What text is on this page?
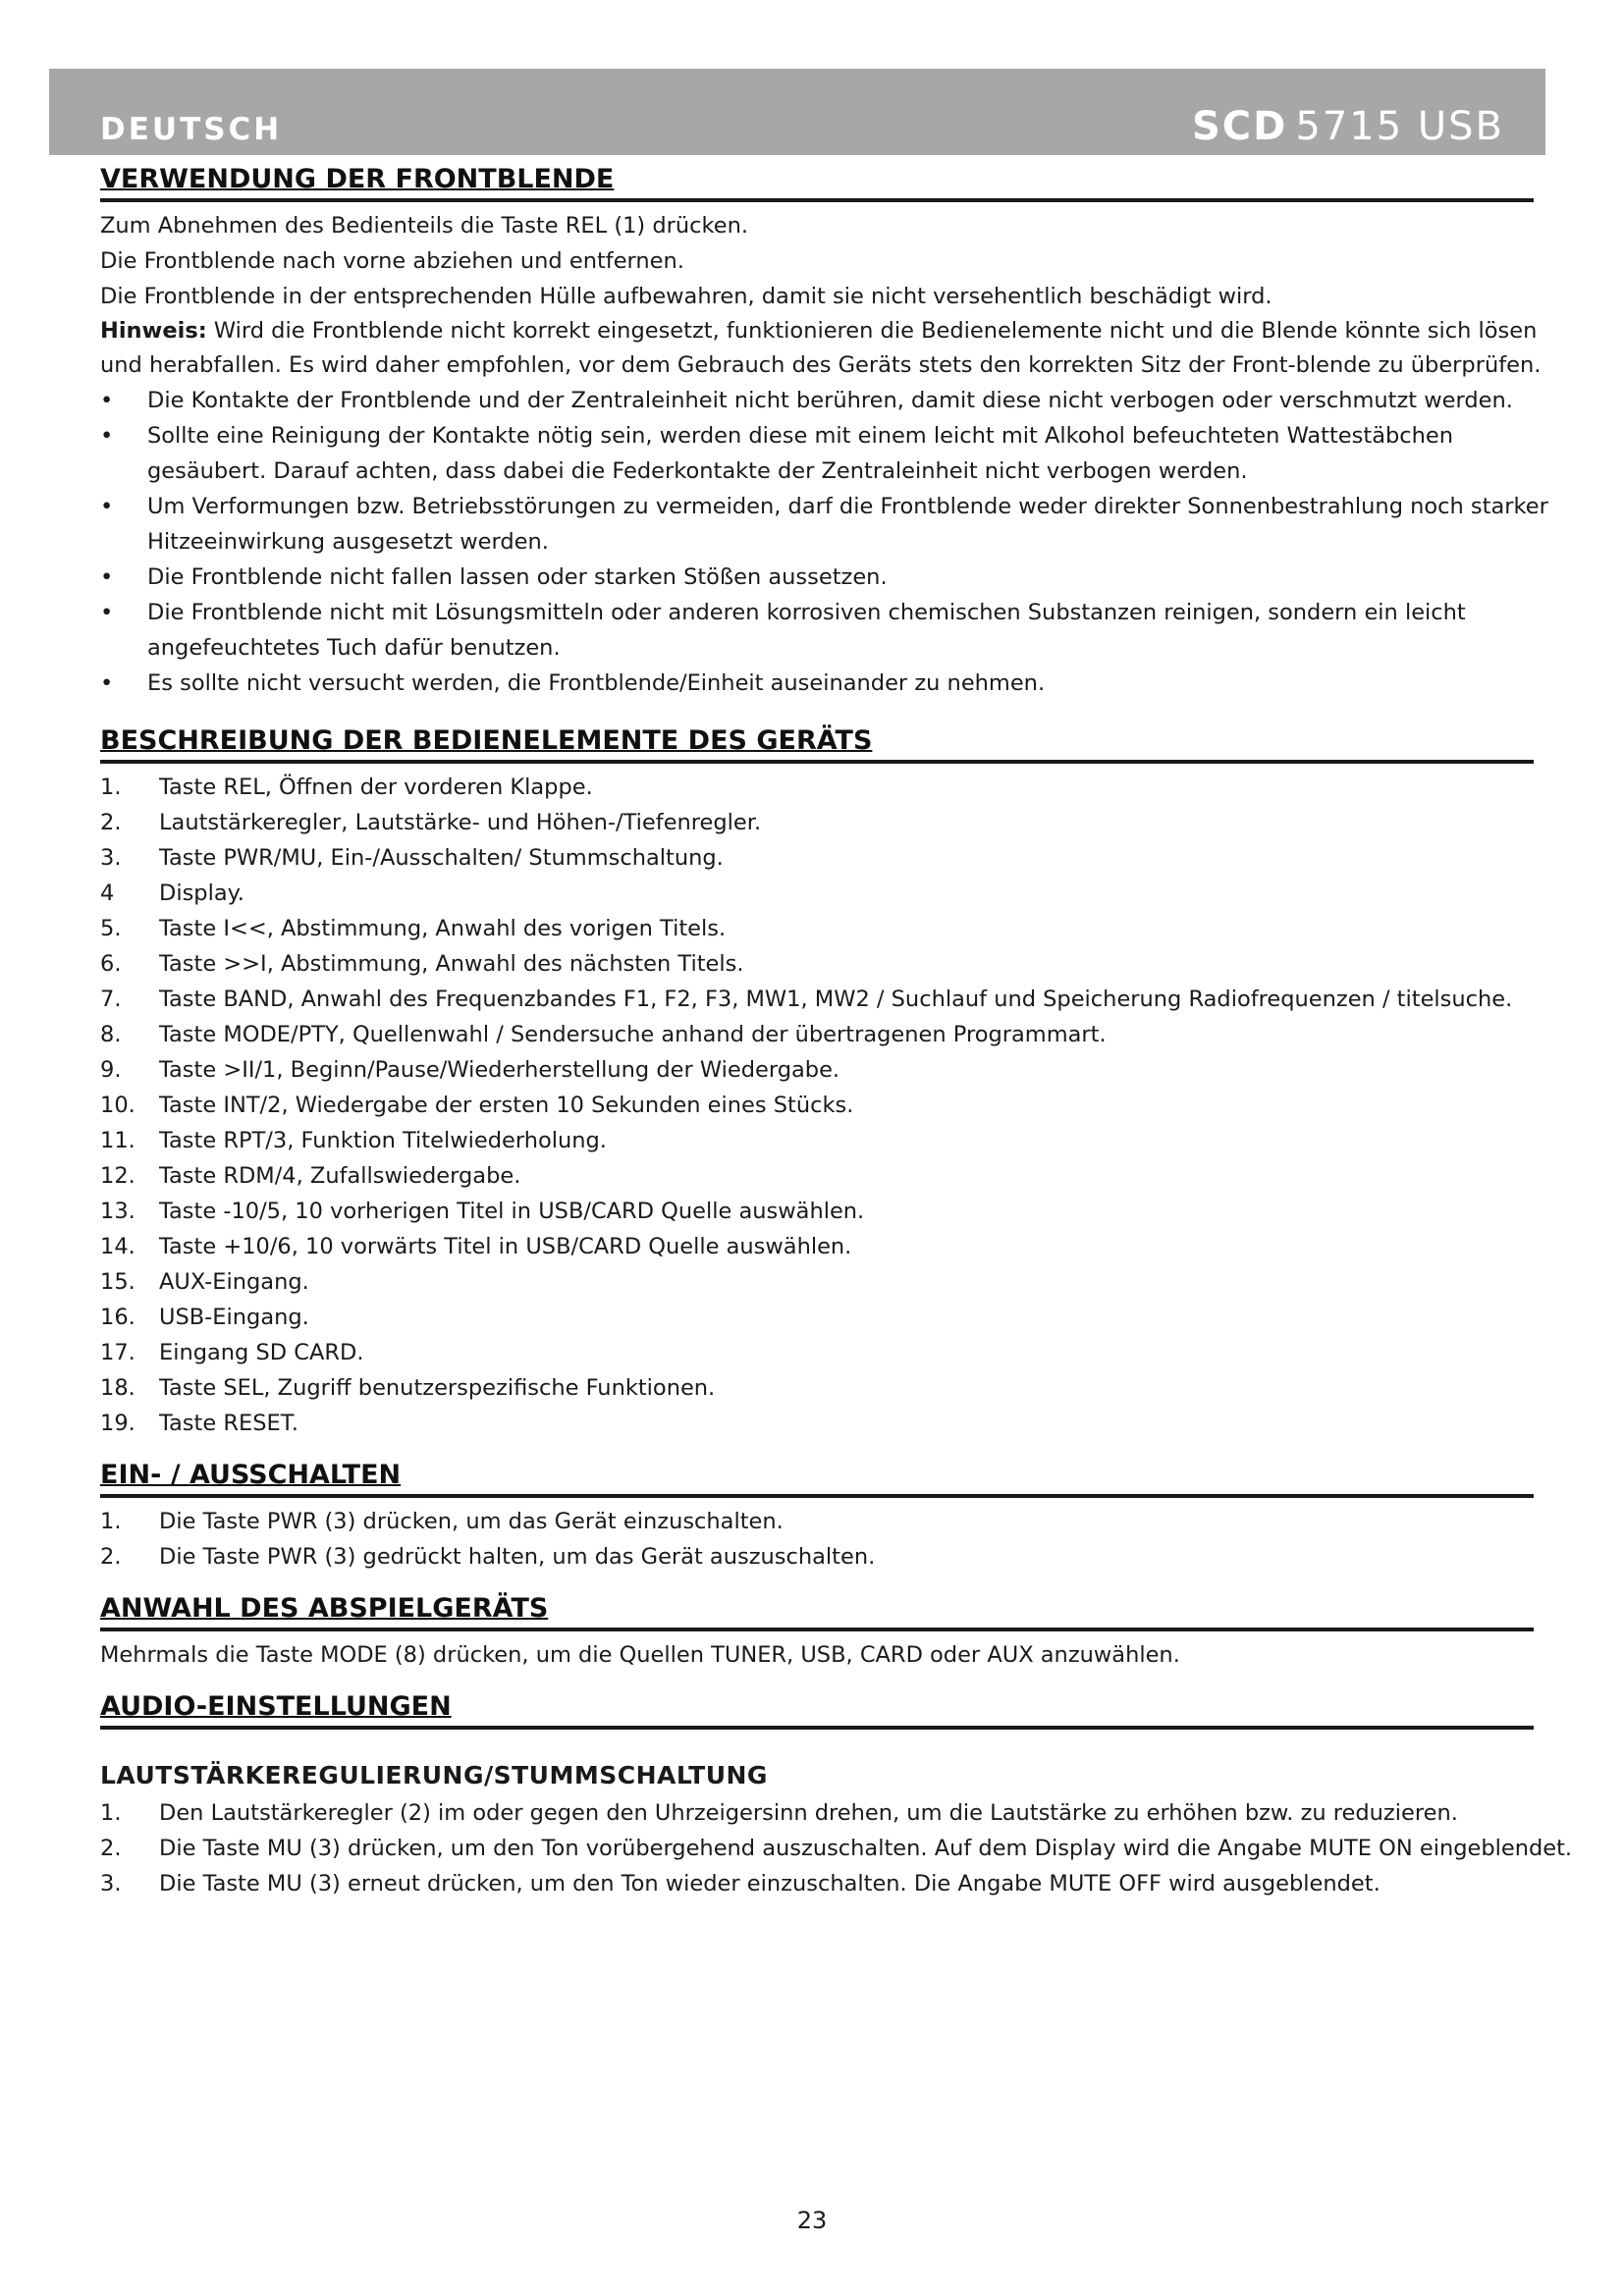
DEUTSCH	SCD 5715 USB
VERWENDUNG DER FRONTBLENDE

Zum Abnehmen des Bedienteils die Taste REL (1) drücken.

Die Frontblende nach vorne abziehen und entfernen.

Die Frontblende in der entsprechenden Hülle aufbewahren, damit sie nicht versehentlich beschädigt wird.

Hinweis: Wird die Frontblende nicht korrekt eingesetzt, funktionieren die Bedienelemente nicht und die Blende könnte sich lösen und herabfallen. Es wird daher empfohlen, vor dem Gebrauch des Geräts stets den korrekten Sitz der Front-blende zu überprüfen.

• Die Kontakte der Frontblende und der Zentraleinheit nicht berühren, damit diese nicht verbogen oder verschmutzt werden.
• Sollte eine Reinigung der Kontakte nötig sein, werden diese mit einem leicht mit Alkohol befeuchteten Wattestäbchen gesäubert. Darauf achten, dass dabei die Federkontakte der Zentraleinheit nicht verbogen werden.
• Um Verformungen bzw. Betriebsstörungen zu vermeiden, darf die Frontblende weder direkter Sonnenbestrahlung noch starker Hitzeeinwirkung ausgesetzt werden.
• Die Frontblende nicht fallen lassen oder starken Stößen aussetzen.
• Die Frontblende nicht mit Lösungsmitteln oder anderen korrosiven chemischen Substanzen reinigen, sondern ein leicht angefeuchtetes Tuch dafür benutzen.
• Es sollte nicht versucht werden, die Frontblende/Einheit auseinander zu nehmen.
BESCHREIBUNG DER BEDIENELEMENTE DES GERÄTS
1. Taste REL, Öffnen der vorderen Klappe.
2. Lautstärkeregler, Lautstärke- und Höhen-/Tiefenregler.
3. Taste PWR/MU, Ein-/Ausschalten/ Stummschaltung.
4 Display.
5. Taste I<<, Abstimmung, Anwahl des vorigen Titels.
6. Taste >>I, Abstimmung, Anwahl des nächsten Titels.
7. Taste BAND, Anwahl des Frequenzbandes F1, F2, F3, MW1, MW2 / Suchlauf und Speicherung Radiofrequenzen / titelsuche.
8. Taste MODE/PTY, Quellenwahl / Sendersuche anhand der übertragenen Programmart.
9. Taste >II/1, Beginn/Pause/Wiederherstellung der Wiedergabe.
10. Taste INT/2, Wiedergabe der ersten 10 Sekunden eines Stücks.
11. Taste RPT/3, Funktion Titelwiederholung.
12. Taste RDM/4, Zufallswiedergabe.
13. Taste -10/5, 10 vorherigen Titel in USB/CARD Quelle auswählen.
14. Taste +10/6, 10 vorwärts Titel in USB/CARD Quelle auswählen.
15. AUX-Eingang.
16. USB-Eingang.
17. Eingang SD CARD.
18. Taste SEL, Zugriff benutzerspezifische Funktionen.
19. Taste RESET.
EIN- / AUSSCHALTEN
1. Die Taste PWR (3) drücken, um das Gerät einzuschalten.
2. Die Taste PWR (3) gedrückt halten, um das Gerät auszuschalten.
ANWAHL DES ABSPIELGERÄTS

Mehrmals die Taste MODE (8) drücken, um die Quellen TUNER, USB, CARD oder AUX anzuwählen.

AUDIO-EINSTELLUNGEN
LAUTSTÄRKEREGULIERUNG/STUMMSCHALTUNG
1. Den Lautstärkeregler (2) im oder gegen den Uhrzeigersinn drehen, um die Lautstärke zu erhöhen bzw. zu reduzieren.
2. Die Taste MU (3) drücken, um den Ton vorübergehend auszuschalten. Auf dem Display wird die Angabe MUTE ON eingeblendet.
3. Die Taste MU (3) erneut drücken, um den Ton wieder einzuschalten. Die Angabe MUTE OFF wird ausgeblendet.
23
